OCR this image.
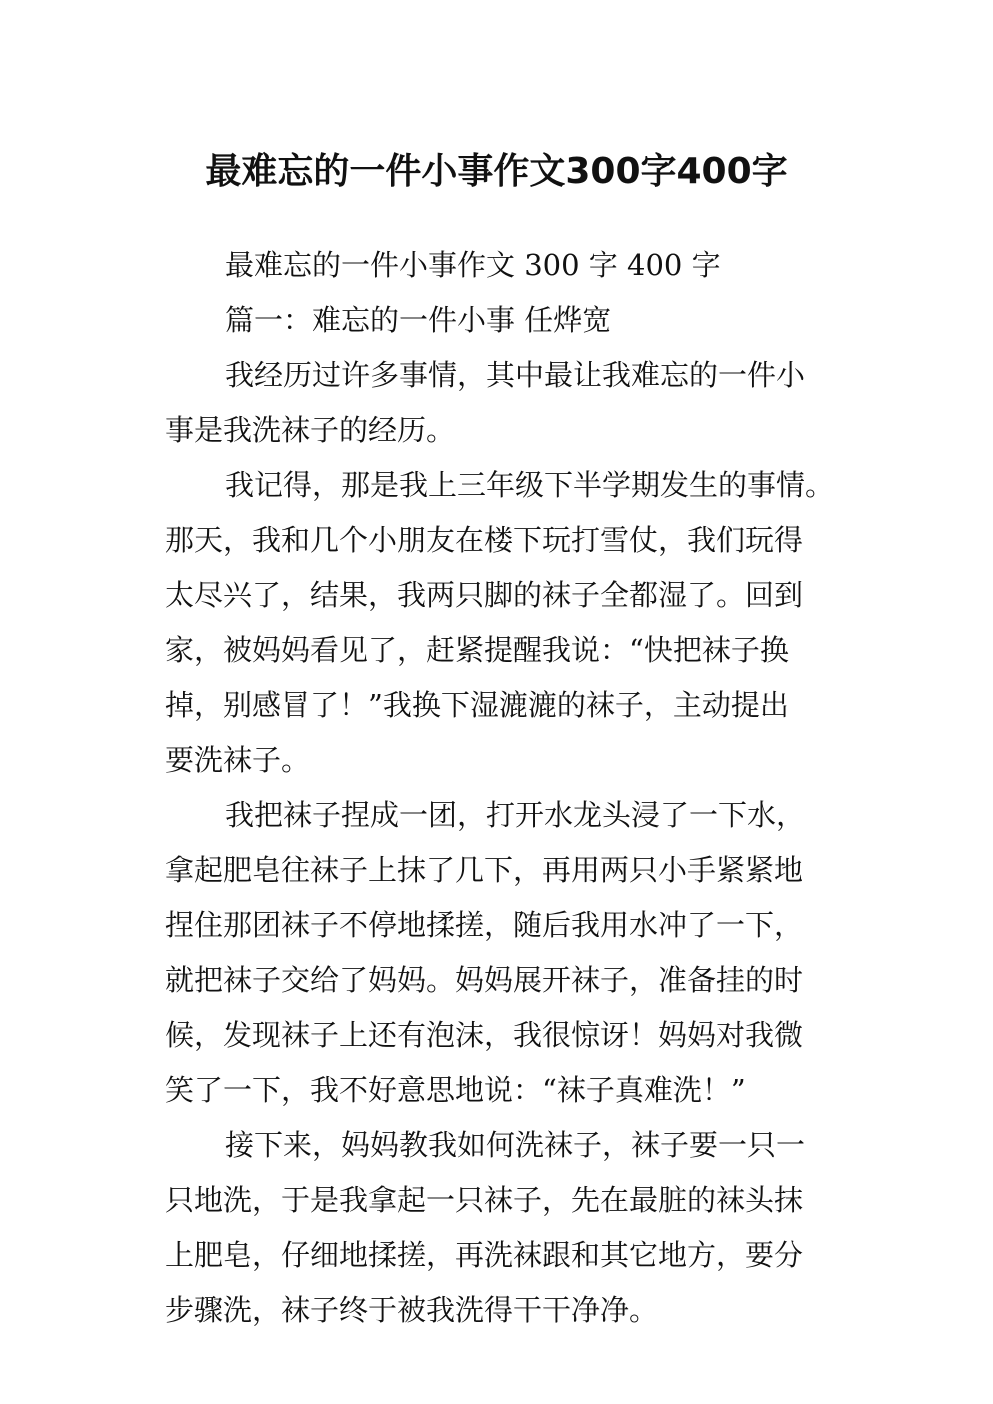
最难忘的一件小事作文300字400字
最难忘的一件小事作文 300 字 400 字
篇一：难忘的一件小事 任烨宽
我经历过许多事情，其中最让我难忘的一件小
事是我洗袜子的经历。
我记得，那是我上三年级下半学期发生的事情。
那天，我和几个小朋友在楼下玩打雪仗，我们玩得
太尽兴了，结果，我两只脚的袜子全都湿了。回到
家，被妈妈看见了，赶紧提醒我说：“快把袜子换
掉，别感冒了！”我换下湿漉漉的袜子，主动提出
要洗袜子。
我把袜子捏成一团，打开水龙头浸了一下水，
拿起肥皂往袜子上抹了几下，再用两只小手紧紧地
捏住那团袜子不停地揉搓，随后我用水冲了一下，
就把袜子交给了妈妈。妈妈展开袜子，准备挂的时
候，发现袜子上还有泡沫，我很惊讶！妈妈对我微
笑了一下，我不好意思地说：“袜子真难洗！”
接下来，妈妈教我如何洗袜子，袜子要一只一
只地洗，于是我拿起一只袜子，先在最脏的袜头抹
上肥皂，仔细地揉搓，再洗袜跟和其它地方，要分
步骤洗，袜子终于被我洗得干干净净。
